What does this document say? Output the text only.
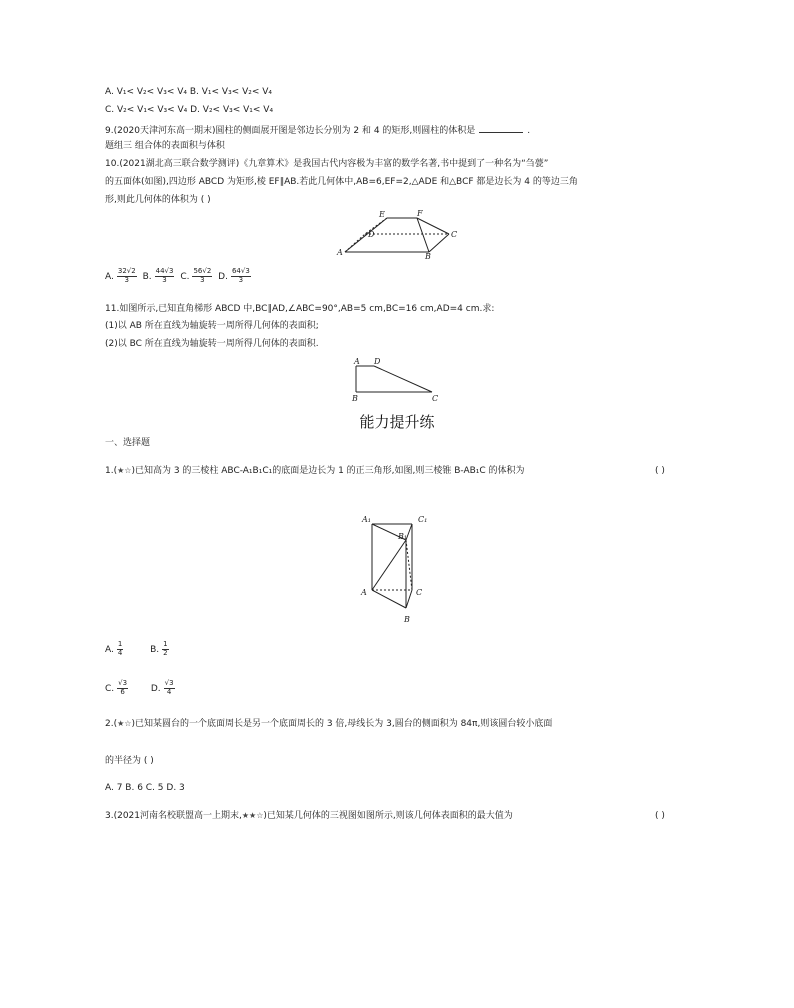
A. V₁< V₂< V₃< V₄ B. V₁< V₃< V₂< V₄
C. V₂< V₁< V₃< V₄ D. V₂< V₃< V₁< V₄
9.(2020天津河东高一期末)圆柱的侧面展开图是邻边长分别为 2 和 4 的矩形,则圆柱的体积是	.
题组三 组合体的表面积与体积
10.(2021湖北高三联合数学测评)《九章算术》是我国古代内容极为丰富的数学名著,书中提到了一种名为“刍甍”
的五面体(如图),四边形 ABCD 为矩形,棱 EF∥AB.若此几何体中,AB=6,EF=2,△ADE 和△BCF 都是边长为 4 的等边三角
形,则此几何体的体积为 ( )
E	F
D	C
A	B
A. $\frac{32√2}{3} B$. $\frac{44√3}{3} C$. $\frac{56√2}{3} D$. $\frac{64√3}{3}$
11.如图所示,已知直角梯形 ABCD 中,BC∥AD,∠ABC=90°,AB=5 cm,BC=16 cm,AD=4 cm.求:
(1)以 AB 所在直线为轴旋转一周所得几何体的表面积;
(2)以 BC 所在直线为轴旋转一周所得几何体的表面积.
A D
B	C
能力提升练
一、选择题
1.(★☆)已知高为 3 的三棱柱 ABC-A₁B₁C₁的底面是边长为 1 的正三角形,如图,则三棱锥 B-AB₁C 的体积为	( )
A₁	C₁
B₁
A	C
B
A. $\frac{1}{4}$	B. $\frac{1}{2}$
C. $\frac{√3}{6}$	D. $\frac{√3}{4}$
2.(★☆)已知某圆台的一个底面周长是另一个底面周长的 3 倍,母线长为 3,圆台的侧面积为 84π,则该圆台较小底面
的半径为 ( )
A. 7 B. 6 C. 5 D. 3
3.(2021河南名校联盟高一上期末,★★☆)已知某几何体的三视图如图所示,则该几何体表面积的最大值为	( )
